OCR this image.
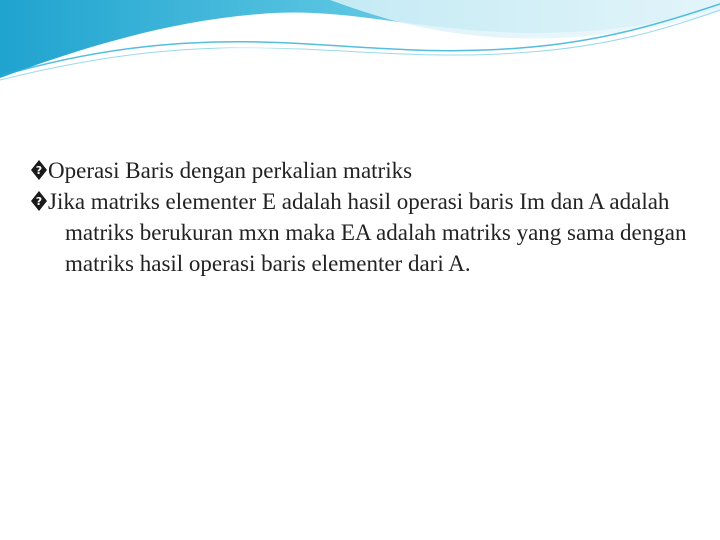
? Operasi Baris dengan perkalian matriks
? Jika matriks elementer E adalah hasil operasi baris Im dan A adalah matriks berukuran mxn maka EA adalah matriks yang sama dengan matriks hasil operasi baris elementer dari A.
